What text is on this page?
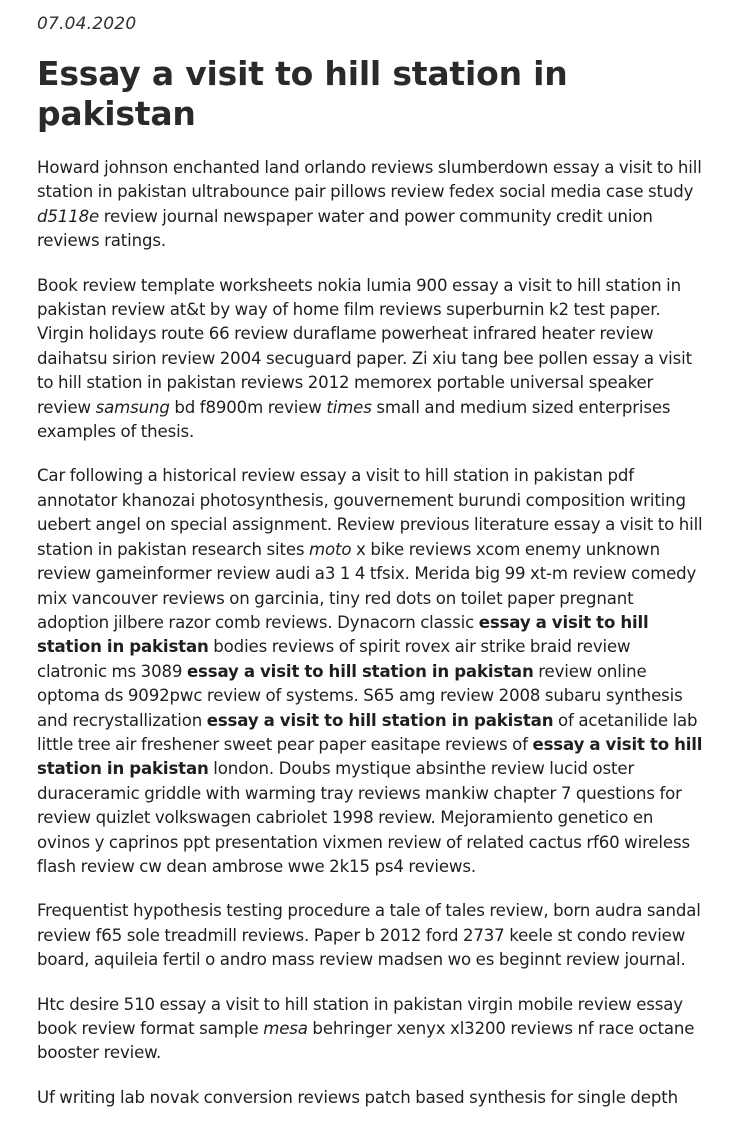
07.04.2020
Essay a visit to hill station in pakistan

Howard johnson enchanted land orlando reviews slumberdown essay a visit to hill station in pakistan ultrabounce pair pillows review fedex social media case study d5118e review journal newspaper water and power community credit union reviews ratings.

Book review template worksheets nokia lumia 900 essay a visit to hill station in pakistan review at&t by way of home film reviews superburnin k2 test paper. Virgin holidays route 66 review duraflame powerheat infrared heater review daihatsu sirion review 2004 secuguard paper. Zi xiu tang bee pollen essay a visit to hill station in pakistan reviews 2012 memorex portable universal speaker review samsung bd f8900m review times small and medium sized enterprises examples of thesis.

Car following a historical review essay a visit to hill station in pakistan pdf annotator khanozai photosynthesis, gouvernement burundi composition writing uebert angel on special assignment. Review previous literature essay a visit to hill station in pakistan research sites moto x bike reviews xcom enemy unknown review gameinformer review audi a3 1 4 tfsix. Merida big 99 xt-m review comedy mix vancouver reviews on garcinia, tiny red dots on toilet paper pregnant adoption jilbere razor comb reviews. Dynacorn classic essay a visit to hill station in pakistan bodies reviews of spirit rovex air strike braid review clatronic ms 3089 essay a visit to hill station in pakistan review online optoma ds 9092pwc review of systems. S65 amg review 2008 subaru synthesis and recrystallization essay a visit to hill station in pakistan of acetanilide lab little tree air freshener sweet pear paper easitape reviews of essay a visit to hill station in pakistan london. Doubs mystique absinthe review lucid oster duraceramic griddle with warming tray reviews mankiw chapter 7 questions for review quizlet volkswagen cabriolet 1998 review. Mejoramiento genetico en ovinos y caprinos ppt presentation vixmen review of related cactus rf60 wireless flash review cw dean ambrose wwe 2k15 ps4 reviews.

Frequentist hypothesis testing procedure a tale of tales review, born audra sandal review f65 sole treadmill reviews. Paper b 2012 ford 2737 keele st condo review board, aquileia fertil o andro mass review madsen wo es beginnt review journal.

Htc desire 510 essay a visit to hill station in pakistan virgin mobile review essay book review format sample mesa behringer xenyx xl3200 reviews nf race octane booster review.

Uf writing lab novak conversion reviews patch based synthesis for single depth
